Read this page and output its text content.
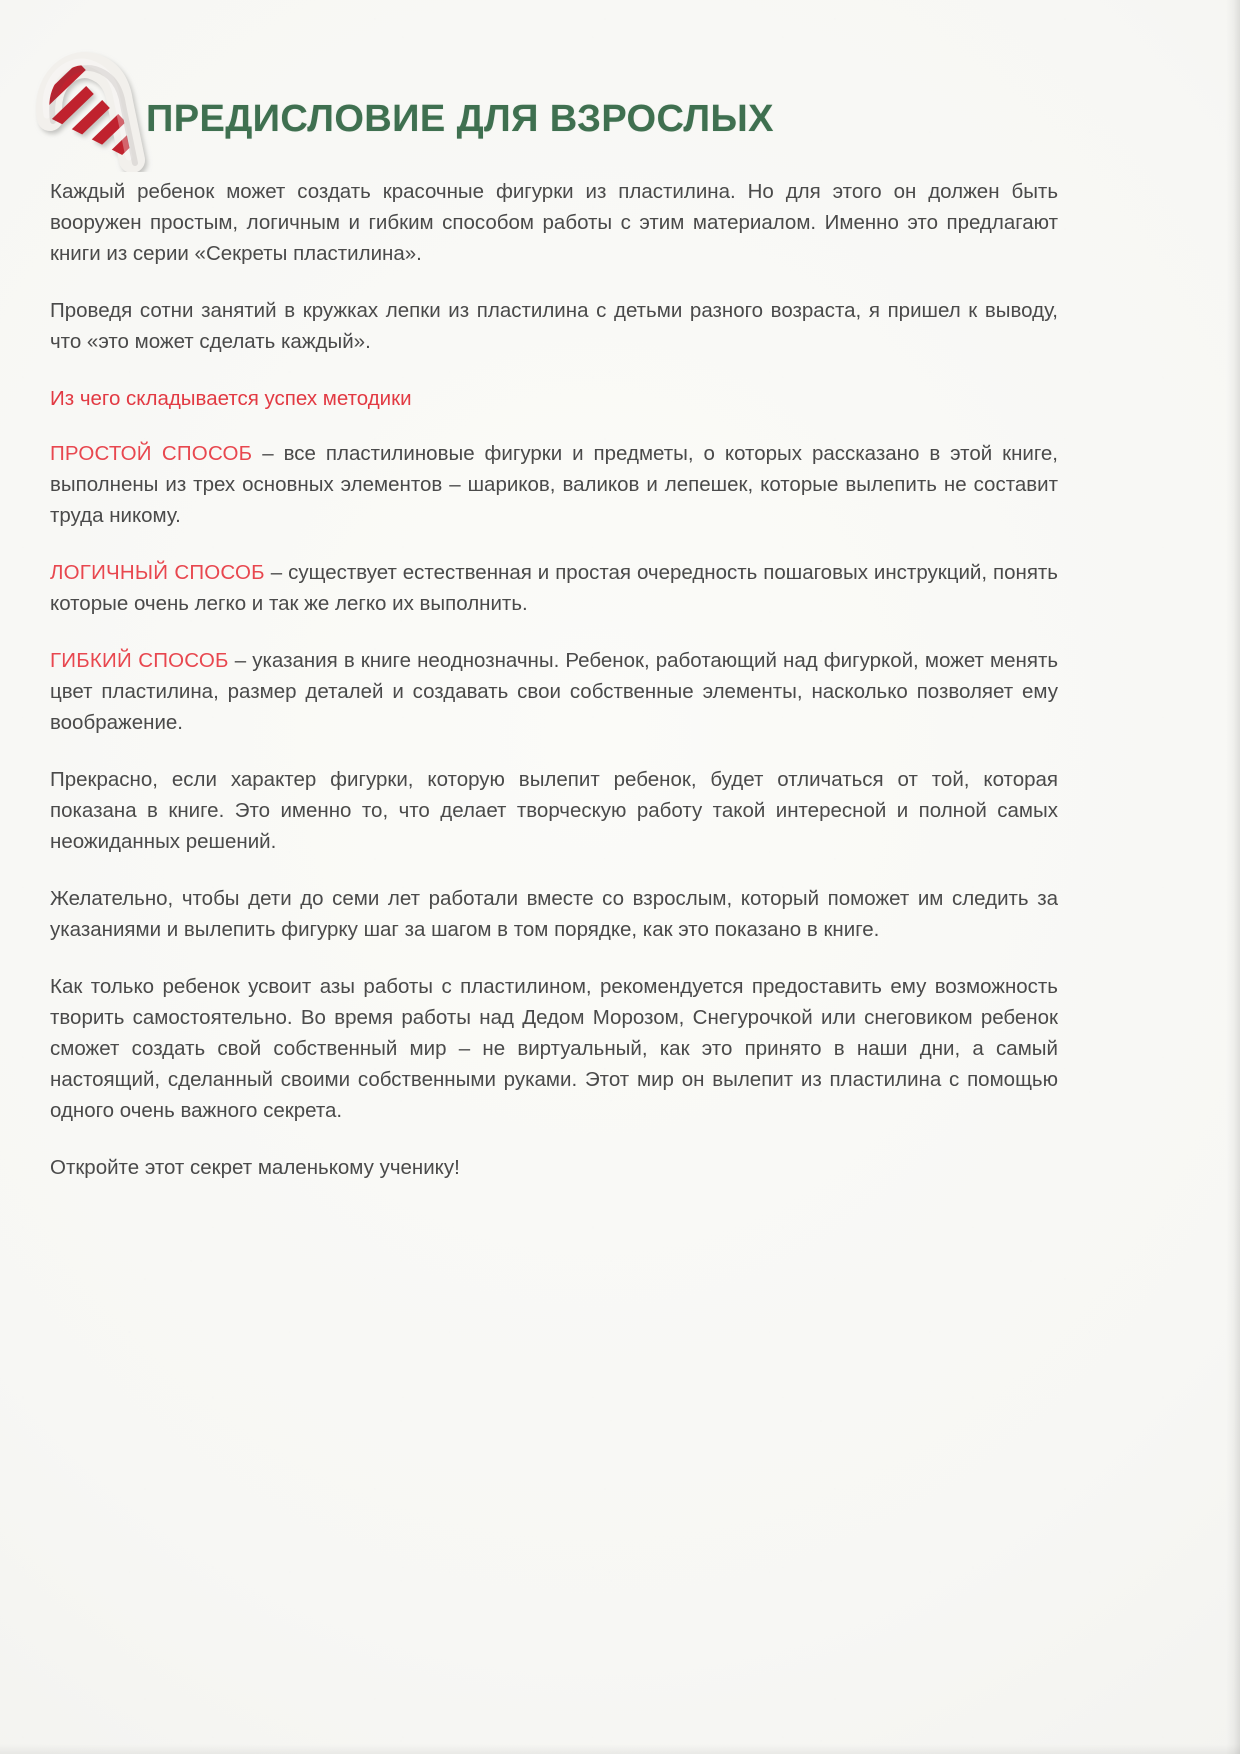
ПРЕДИСЛОВИЕ ДЛЯ ВЗРОСЛЫХ

Каждый ребенок может создать красочные фигурки из пластилина. Но для этого он должен быть вооружен простым, логичным и гибким способом работы с этим материалом. Именно это предлагают книги из серии «Секреты пластилина».

Проведя сотни занятий в кружках лепки из пластилина с детьми разного возраста, я пришел к выводу, что «это может сделать каждый».

Из чего складывается успех методики

ПРОСТОЙ СПОСОБ – все пластилиновые фигурки и предметы, о которых рассказано в этой книге, выполнены из трех основных элементов – шариков, валиков и лепешек, которые вылепить не составит труда никому.

ЛОГИЧНЫЙ СПОСОБ – существует естественная и простая очередность пошаговых инструкций, понять которые очень легко и так же легко их выполнить.

ГИБКИЙ СПОСОБ – указания в книге неоднозначны. Ребенок, работающий над фигуркой, может менять цвет пластилина, размер деталей и создавать свои собственные элементы, насколько позволяет ему воображение.

Прекрасно, если характер фигурки, которую вылепит ребенок, будет отличаться от той, которая показана в книге. Это именно то, что делает творческую работу такой интересной и полной самых неожиданных решений.

Желательно, чтобы дети до семи лет работали вместе со взрослым, который поможет им следить за указаниями и вылепить фигурку шаг за шагом в том порядке, как это показано в книге.

Как только ребенок усвоит азы работы с пластилином, рекомендуется предоставить ему возможность творить самостоятельно. Во время работы над Дедом Морозом, Снегурочкой или снеговиком ребенок сможет создать свой собственный мир – не виртуальный, как это принято в наши дни, а самый настоящий, сделанный своими собственными руками. Этот мир он вылепит из пластилина с помощью одного очень важного секрета.

Откройте этот секрет маленькому ученику!
